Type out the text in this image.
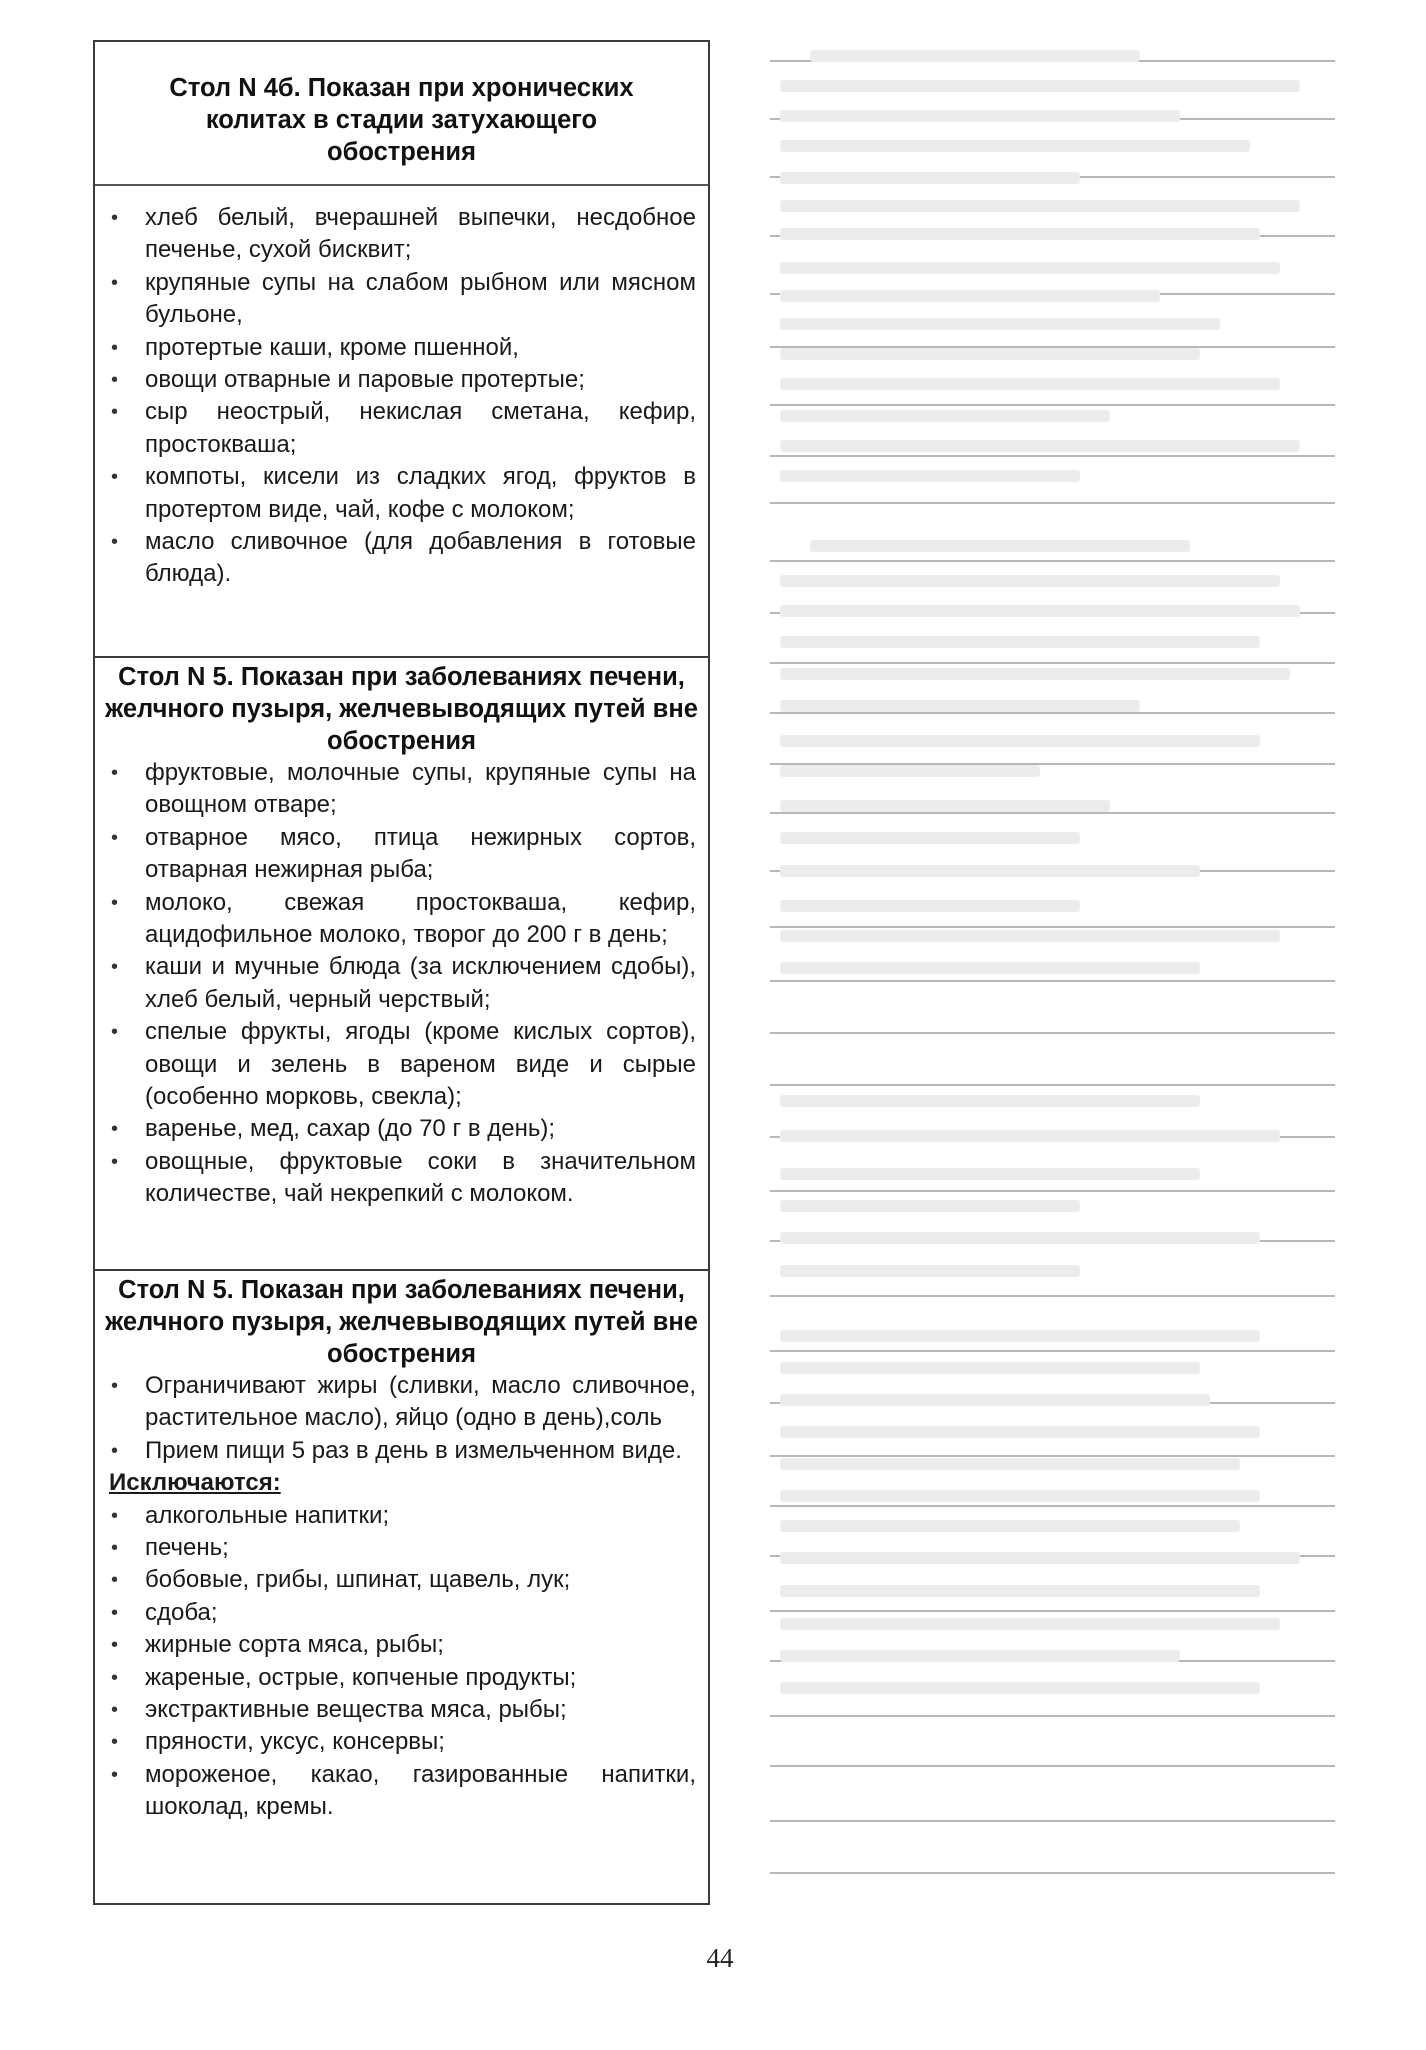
Стол N 4б. Показан при хронических колитах в стадии затухающего обострения
• хлеб белый, вчерашней выпечки, несдобное печенье, сухой бисквит;
• крупяные супы на слабом рыбном или мясном бульоне,
• протертые каши, кроме пшенной,
• овощи отварные и паровые протертые;
• сыр неострый, некислая сметана, кефир, простокваша;
• компоты, кисели из сладких ягод, фруктов в протертом виде, чай, кофе с молоком;
• масло сливочное (для добавления в готовые блюда).
Стол N 5. Показан при заболеваниях печени, желчного пузыря, желчевыводящих путей вне обострения
• фруктовые, молочные супы, крупяные супы на овощном отваре;
• отварное мясо, птица нежирных сортов, отварная нежирная рыба;
• молоко, свежая простокваша, кефир, ацидофильное молоко, творог до 200 г в день;
• каши и мучные блюда (за исключением сдобы), хлеб белый, черный черствый;
• спелые фрукты, ягоды (кроме кислых сортов), овощи и зелень в вареном виде и сырые (особенно морковь, свекла);
• варенье, мед, сахар (до 70 г в день);
• овощные, фруктовые соки в значительном количестве, чай некрепкий с молоком.
Стол N 5. Показан при заболеваниях печени, желчного пузыря, желчевыводящих путей вне обострения
• Ограничивают жиры (сливки, масло сливочное, растительное масло), яйцо (одно в день),соль
• Прием пищи 5 раз в день в измельченном виде.
Исключаются:
• алкогольные напитки;
• печень;
• бобовые, грибы, шпинат, щавель, лук;
• сдоба;
• жирные сорта мяса, рыбы;
• жареные, острые, копченые продукты;
• экстрактивные вещества мяса, рыбы;
• пряности, уксус, консервы;
• мороженое, какао, газированные напитки, шоколад, кремы.
44
